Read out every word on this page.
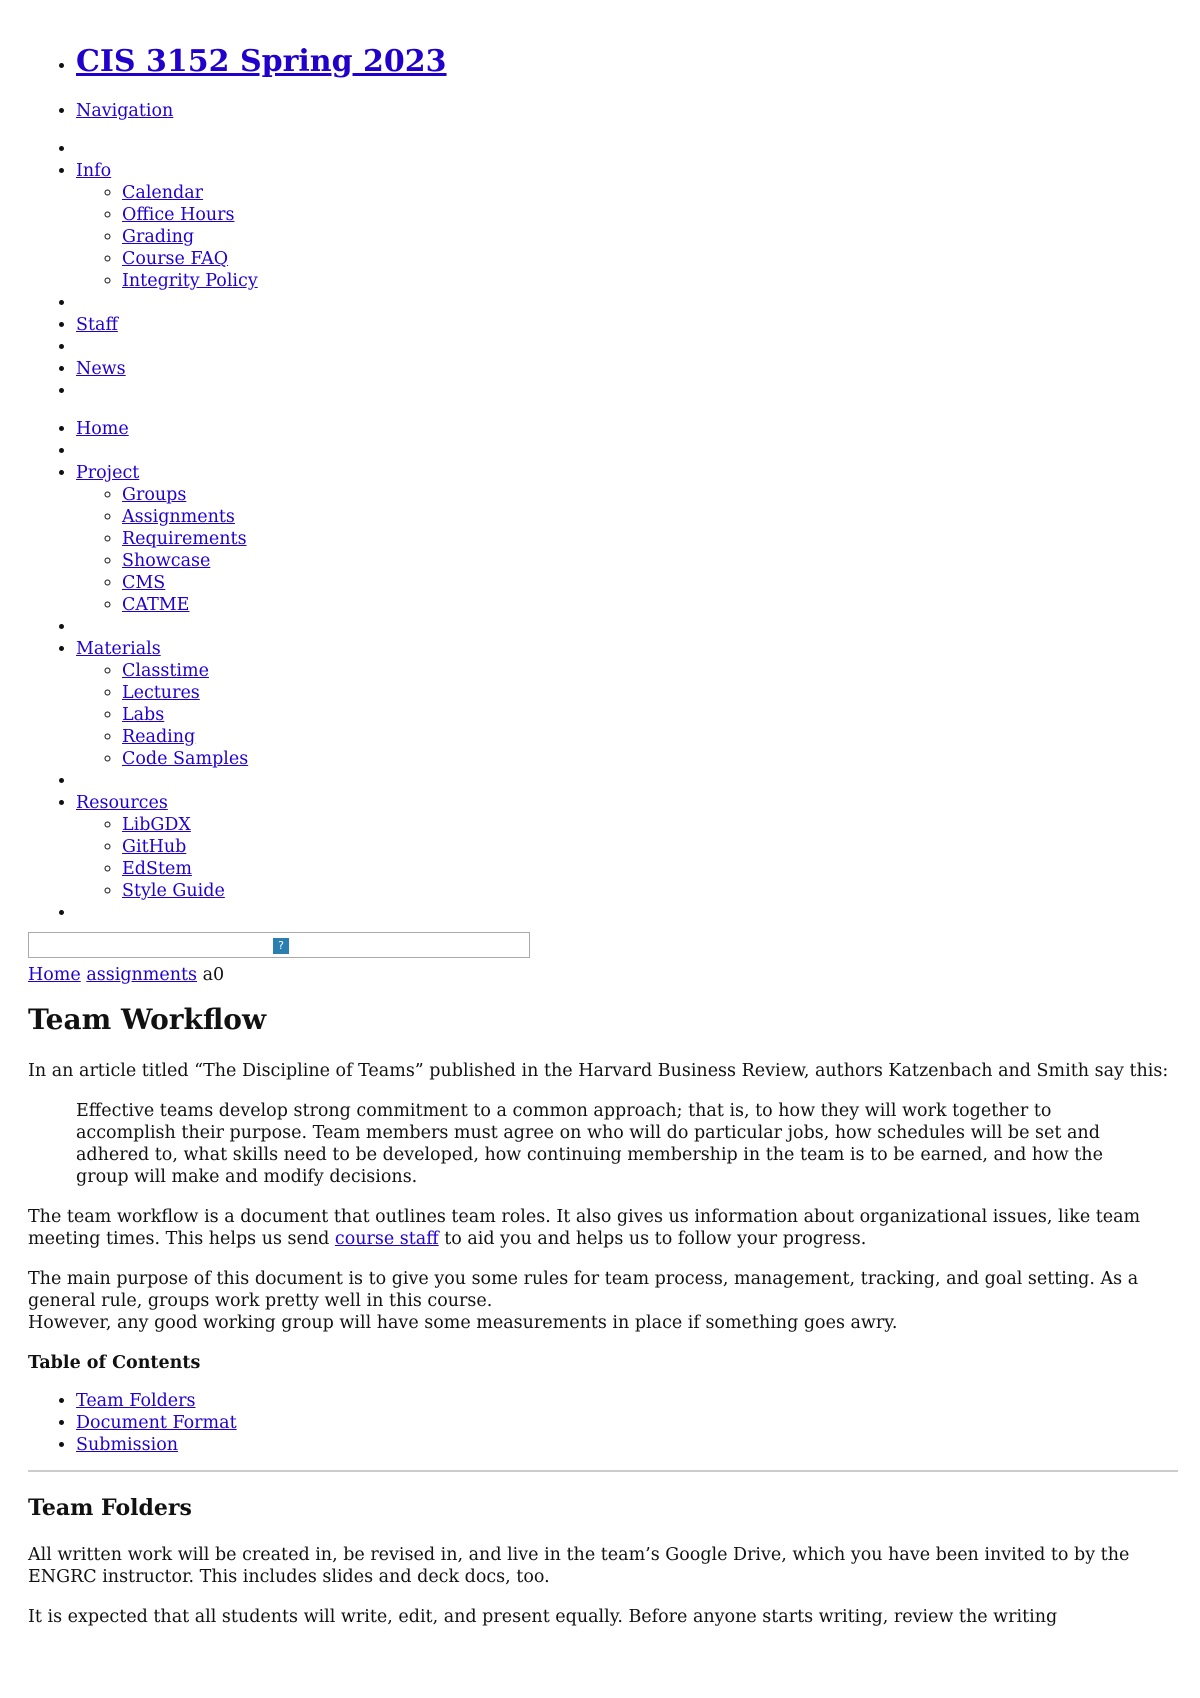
• CIS 3152 Spring 2023
• Navigation
•
• Info
◦ Calendar
◦ Office Hours
◦ Grading
◦ Course FAQ
◦ Integrity Policy
•
• Staff
•
• News
•
• Home
•
• Project
◦ Groups
◦ Assignments
◦ Requirements
◦ Showcase
◦ CMS
◦ CATME
•
• Materials
◦ Classtime
◦ Lectures
◦ Labs
◦ Reading
◦ Code Samples
•
• Resources
◦ LibGDX
◦ GitHub
◦ EdStem
◦ Style Guide
•
?
Home assignments a0
Team Workflow

In an article titled “The Discipline of Teams” published in the Harvard Business Review, authors Katzenbach and Smith say this:

Effective teams develop strong commitment to a common approach; that is, to how they will work together to accomplish their purpose. Team members must agree on who will do particular jobs, how schedules will be set and adhered to, what skills need to be developed, how continuing membership in the team is to be earned, and how the group will make and modify decisions.

The team workflow is a document that outlines team roles. It also gives us information about organizational issues, like team meeting times. This helps us send course staff to aid you and helps us to follow your progress.

The main purpose of this document is to give you some rules for team process, management, tracking, and goal setting. As a general rule, groups work pretty well in this course.
However, any good working group will have some measurements in place if something goes awry.

Table of Contents
• Team Folders
• Document Format
• Submission
Team Folders

All written work will be created in, be revised in, and live in the team’s Google Drive, which you have been invited to by the ENGRC instructor. This includes slides and deck docs, too.

It is expected that all students will write, edit, and present equally. Before anyone starts writing, review the writing
